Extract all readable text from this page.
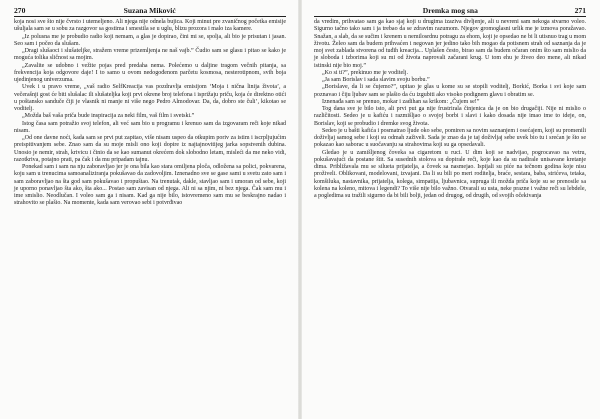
270	Suzana Miković

koja nosi sve što nije čvrsto i utemeljeno. Ali njega nije odnela bujica. Koji minut pre zvaničnog početka emisije ušuljala sam se u sobu za razgovor sa gostima i smestila se u uglu, blizu prozora i malo iza kamerе.

„Iz polusna me je probudio radio koji nemam, a glas je dopirao, čini mi se, spolja, ali bio je prisutan i jasan. Seo sam i počeo da slušam.

„Dragi slušaoci i slušateljke, stražem vreme prizemljenja ne naš vajb.” Čudio sam se glasu i pitao se kako je moguća tolika sličnost sa mojim.

„Zavalite se udobno i vežite pojas pred predaha nema. Polećemo u daljine tragom večnih pitanja, sa frekvencija koja odgovore daje! I to samo u ovom nedogođenom parčetu kosmosa, nesterotipnom, svih boja ujedinjenog univerzuma.

Uvek i u pravo vreme, „vaš radio SelfKreacija vas pozdravlja emisijom ‘Moja i nična linija života’, a večerašnji gost će biti slušalac ili slušateljka koji prvi okrene broj telefona i isprižaju priču, koja će direktno otići u poštansko sanduče čiji je vlasnik ni manje ni više nego Pedro Almodovar. Da, da, dobro ste čuli’, kikotao se voditelj.

„Možda baš vaša priča bude inspiracija za neki film, vaš film i svetski.”

Istog časa sam potražio svoj telefon, ali već sam bio u programu i krenuo sam da izgovaram reči koje nikad nisam.

„Od one davne noći, kada sam se prvi put zapitao, više nisam uspeo da otkupim poriv za istim i iscrpljujućim preispitivanjem sebe. Znao sam da su moje misli ono koji dopire iz najtajnovitijeg jarka sopstvenih dubina. Unosio je nemir, strah, krivicu i činio da se kao sumanut okrećem dok slobodno letam, misleći da me neko vidi, razotkriva, potajno prati, pa čak i da mu pripadam tajnu.

Ponekad sam i sam na nju zaboravljao jer je ona bila kao stara omiljena ploča, odložena sa polici, pokvarena, koju sam u trenucima samoanaliziranja pokušavao da zadovoljim. Iznenadno sve se gase sami u svetu zato sam i sam zaboravljao na šta god sam pokušavao i propuštao. Na trenutak, dakle, stavljao sam i umoran od sebe, koji je uporno ponavljao šta ako, šta ako... Postao sam zavisan od njega. Ali ni sa njim, ni bez njega. Čak sam mu i ime smislio. Neodlučan. I volео sam ga i nisam. Kad ga nije bilo, istovremeno sam mu se beskrajno nadao i strahovito se plašio. Na momente, kada sam verovao sebi i potvrđivao

Dremka mog sna	271

da vredim, prihvatao sam ga kao sjaj koji u drugima izaziva divljenje, ali u nevreni sam nekoga stvarno voleo. Sigurno tačno tako sam i ja trebao da se zdravim razumom. Njegov gromoglasni urlik me je izmova poražavao. Snažan, a slab, da se sučim i krenem u nemilosrdnu potragu za ehom, koji je opsedao ne bi li utisnuo trag u mom životu. Želeo sam da budem prihvaćen i negovan jer jedino tako bih mogao da potisnem strah od saznanja da je moj svet zablada stvorena od tuđih kreacija... Uplašen često, birao sam da budem očaran onim što sam mislio da je sloboda i izborima koji su mi od života naprovali začarani krug. U tom ehu je živeo deo mene, ali nikad istinski nije bio moj.”

„Ko si ti?”, prekinuo me je voditelj.

„Ja sam Borislav i sada slavim svoju borbu.”

„Borislave, da li se čujemo?”, upitao je glas u kome su se stopili voditelj, Borkić, Borka i svi koje sam poznavao i čiju ljubav sam se plašio da ću izgubiti ako visoko podignem glavu i obratim se.

Iznenađa sam se prenuo, mokar i zadihan sa krikom: „Čujem se!”

Tog dana sve je bilo isto, ali prvi put ga nije frustrirala činjenica da je on bio drugačiji. Nije ni mislio o različitosti. Sedeo je u kafiću i razmišljao o svojoj borbi i slavi i kako dosada nije imao ime to ideje, on, Borislav, koji se probudio i dremke svog života.

Sedeo je u baštі kafića i posmatrao ljude oko sebe, pomiren sa novim saznanjem i osećajem, koji su promenili doživljaj samog sebe i koji su odmah zaživeli. Sada je znao da je taj doživljaj sebe uvek bio tu i srećan je što se pokazao kao saborac u suočavanju sa strahovima koji su ga opsedavali.

Gledao je u zamišljenog čoveka sa cigaretom u ruci. U dim koji se nadvijao, pogrocavao na vetru, pokušavajući da postane štit. Sa susednih stolova su dopirale reči, koje kao da su nadirale unisavane kretanje dima. Približavala mu se silueta prijatelja, a čovek sa nasmejao. Ispijali su piće na tečnom godina koje nisu proživeli. Oblikovani, modelovani, izvajani. Da li su bili po meri roditelja, braće, sestara, baba, strićeva, tetaka, komšiluka, nastavnika, prijatelja, kolega, simpatija, ljubavnica, supruga ili možda priča koje su se prenosile sa kolena na koleno, mitova i legendi? To više nije bilo važno. Otvarali su usta, neke prazne i važne reči su lebdele, a pogledima su tražili sigurno da bi bili bolji, jedan od drugog, od drugih, od svojih očekivanja
